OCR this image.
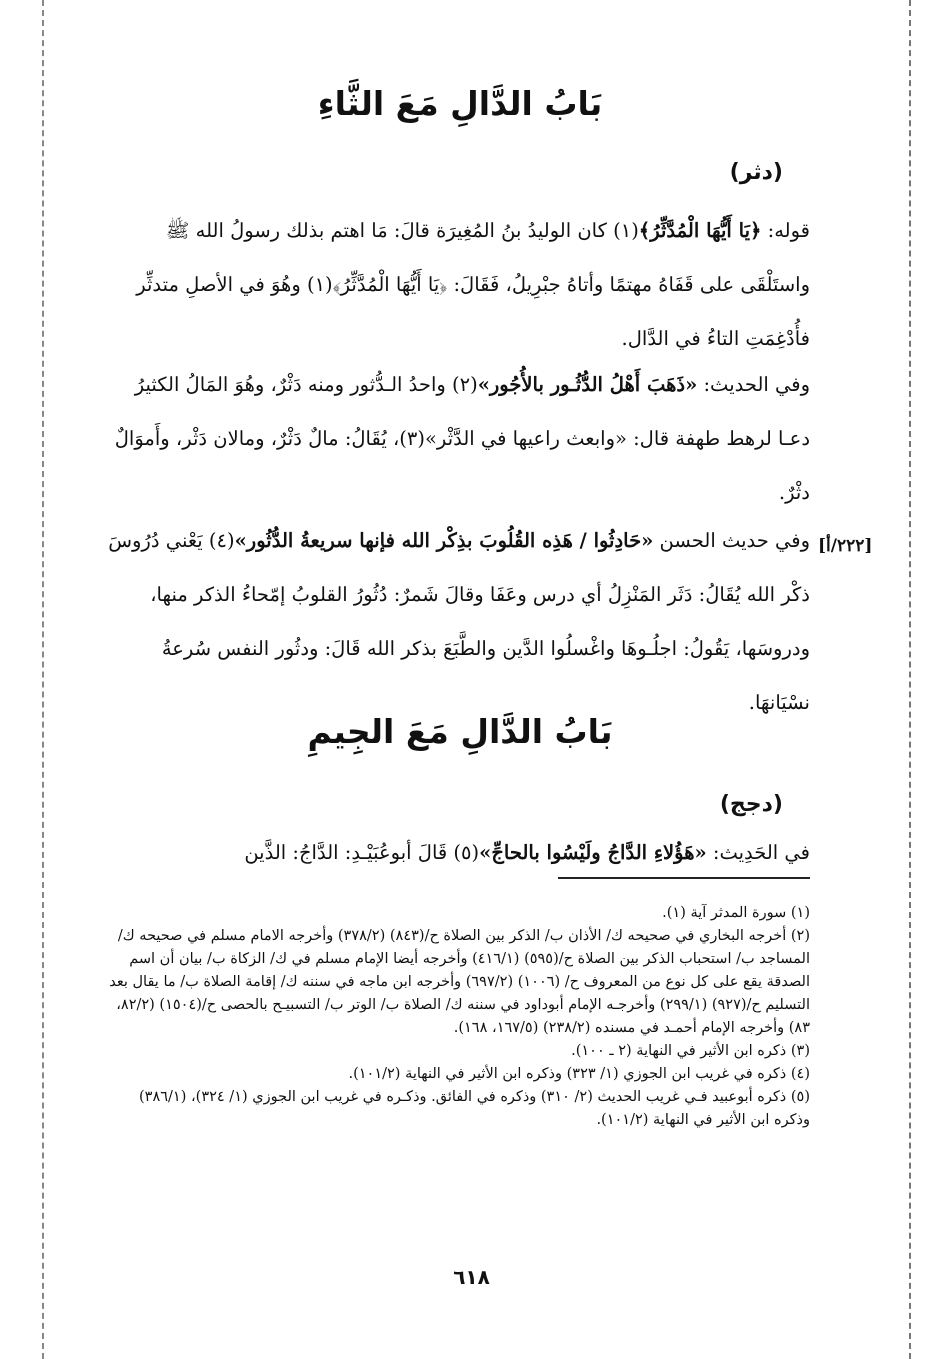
بَابُ الدَّالِ مَعَ الثَّاءِ
(دثر)
قوله: ﴿يَا أَيُّهَا الْمُدَّثِّرُ﴾(١) كان الوليدُ بنُ المُغِيرَة قالَ: مَا اهتم بذلك رسولُ الله ﷺ واستَلْقَى على قَفَاهُ مهتمًا وأتاهُ جبْرِيلُ، فَقَالَ: ﴿يَا أَيُّهَا الْمُدَّثِّرُ﴾(١) وهُوَ في الأصلِ متدثِّر فأُدْغِمَتِ التاءُ في الدَّال.
وفي الحديث: «ذَهَبَ أَهْلُ الدُّثُـور بالأُجُور»(٢) واحدُ الـدُّثور ومنه دَثْرٌ، وهُوَ المَالُ الكثيرُ دعـا لرهط طهفة قال: «وابعث راعيها في الدَّثْر»(٣)، يُقَالُ: مالٌ دَثْرٌ، ومالان دَثْر، وأَموَالٌ دثْرٌ.
[٢٢٢/أ]
وفي حديث الحسن «حَادِثُوا / هَذِه القُلُوبَ بذِكْر الله فإنها سريعةُ الدُّثُور»(٤) يَعْني دُرُوسَ ذكْر الله يُقَالُ: دَثَر المَنْزِلُ أي درس وعَفَا وقالَ شَمرٌ: دُثُورُ القلوبُ إمّحاءُ الذكر منها، ودروسَها، يَقُولُ: اجلُـوهَا واغْسلُوا الدَّين والطَّبَعَ بذكر الله قَالَ: ودثُور النفس سُرعةُ نسْيَانهَا.
بَابُ الدَّالِ مَعَ الجِيمِ
(دجج)
في الحَدِيث: «هَؤُلاءِ الدَّاجُ ولَيْسُوا بالحاجِّ»(٥) قَالَ أبوعُبَيْـدِ: الدَّاجُ: الذَّين
(١) سورة المدثر آية (١).
(٢) أخرجه البخاري في صحيحه ك/ الأذان ب/ الذكر بين الصلاة ح/(٨٤٣) (٣٧٨/٢) وأخرجه الامام مسلم في صحيحه ك/ المساجد ب/ استحباب الذكر بين الصلاة ح/(٥٩٥) (٤١٦/١) وأخرجه أيضا الإمام مسلم في ك/ الزكاة ب/ بيان أن اسم الصدقة يقع على كل نوع من المعروف ح/ (١٠٠٦) (٦٩٧/٢) وأخرجه ابن ماجه في سننه ك/ إقامة الصلاة ب/ ما يقال بعد التسليم ح/(٩٢٧) (٢٩٩/١) وأخرجـه الإمام أبوداود في سننه ك/ الصلاة ب/ الوتر ب/ التسبيـح بالحصى ح/(١٥٠٤) (٨٢/٢، ٨٣) وأخرجه الإمام أحمـد في مسنده (٢٣٨/٢) (١٦٧/٥، ١٦٨).
(٣) ذكره ابن الأثير في النهاية (٢ ـ ١٠٠).
(٤) ذكره في غريب ابن الجوزي (١/ ٣٢٣) وذكره ابن الأثير في النهاية (١٠١/٢).
(٥) ذكره أبوعبيد فـي غريب الحديث (٢/ ٣١٠) وذكره في الفائق. وذكـره في غريب ابن الجوزي (١/ ٣٢٤)، (٣٨٦/١) وذكره ابن الأثير في النهاية (١٠١/٢).
٦١٨
